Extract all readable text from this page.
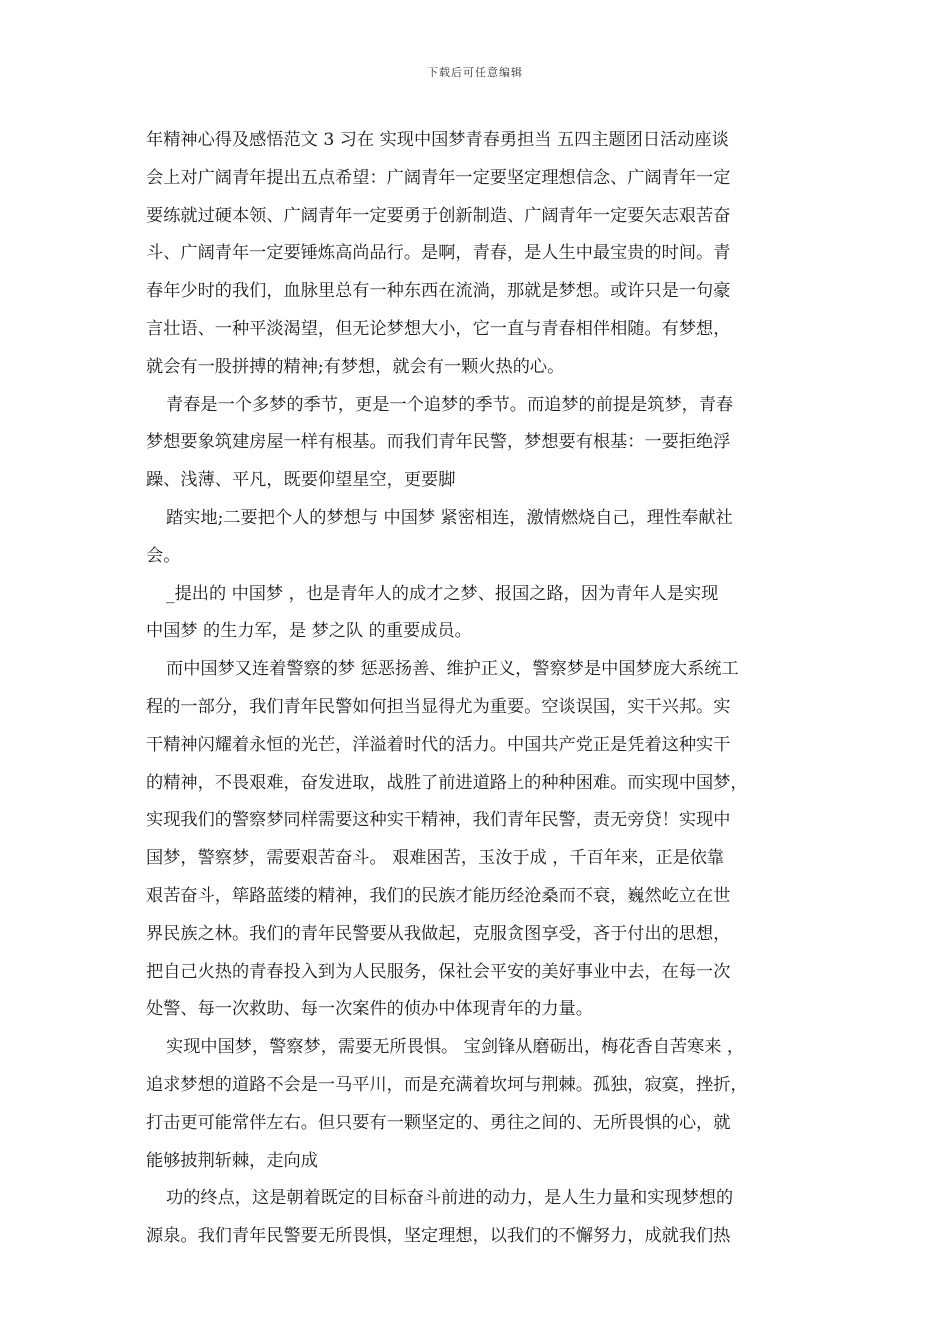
下载后可任意编辑
年精神心得及感悟范文 3 习在 实现中国梦青春勇担当 五四主题团日活动座谈
会上对广阔青年提出五点希望：广阔青年一定要坚定理想信念、广阔青年一定
要练就过硬本领、广阔青年一定要勇于创新制造、广阔青年一定要矢志艰苦奋
斗、广阔青年一定要锤炼高尚品行。是啊，青春，是人生中最宝贵的时间。青
春年少时的我们，血脉里总有一种东西在流淌，那就是梦想。或许只是一句豪
言壮语、一种平淡渴望，但无论梦想大小，它一直与青春相伴相随。有梦想，
就会有一股拼搏的精神;有梦想，就会有一颗火热的心。
青春是一个多梦的季节，更是一个追梦的季节。而追梦的前提是筑梦，青春
梦想要象筑建房屋一样有根基。而我们青年民警，梦想要有根基：一要拒绝浮
躁、浅薄、平凡，既要仰望星空，更要脚
踏实地;二要把个人的梦想与 中国梦 紧密相连，激情燃烧自己，理性奉献社
会。
_提出的 中国梦 ，也是青年人的成才之梦、报国之路，因为青年人是实现
中国梦 的生力军，是 梦之队 的重要成员。
而中国梦又连着警察的梦 惩恶扬善、维护正义，警察梦是中国梦庞大系统工
程的一部分，我们青年民警如何担当显得尤为重要。空谈误国，实干兴邦。实
干精神闪耀着永恒的光芒，洋溢着时代的活力。中国共产党正是凭着这种实干
的精神，不畏艰难，奋发进取，战胜了前进道路上的种种困难。而实现中国梦，
实现我们的警察梦同样需要这种实干精神，我们青年民警，责无旁贷！实现中
国梦，警察梦，需要艰苦奋斗。 艰难困苦，玉汝于成 ，千百年来，正是依靠
艰苦奋斗，筚路蓝缕的精神，我们的民族才能历经沧桑而不衰，巍然屹立在世
界民族之林。我们的青年民警要从我做起，克服贪图享受，吝于付出的思想，
把自己火热的青春投入到为人民服务，保社会平安的美好事业中去，在每一次
处警、每一次救助、每一次案件的侦办中体现青年的力量。
实现中国梦，警察梦，需要无所畏惧。 宝剑锋从磨砺出，梅花香自苦寒来 ，
追求梦想的道路不会是一马平川，而是充满着坎坷与荆棘。孤独，寂寞，挫折，
打击更可能常伴左右。但只要有一颗坚定的、勇往之间的、无所畏惧的心，就
能够披荆斩棘，走向成
功的终点，这是朝着既定的目标奋斗前进的动力，是人生力量和实现梦想的
源泉。我们青年民警要无所畏惧，坚定理想，以我们的不懈努力，成就我们热
